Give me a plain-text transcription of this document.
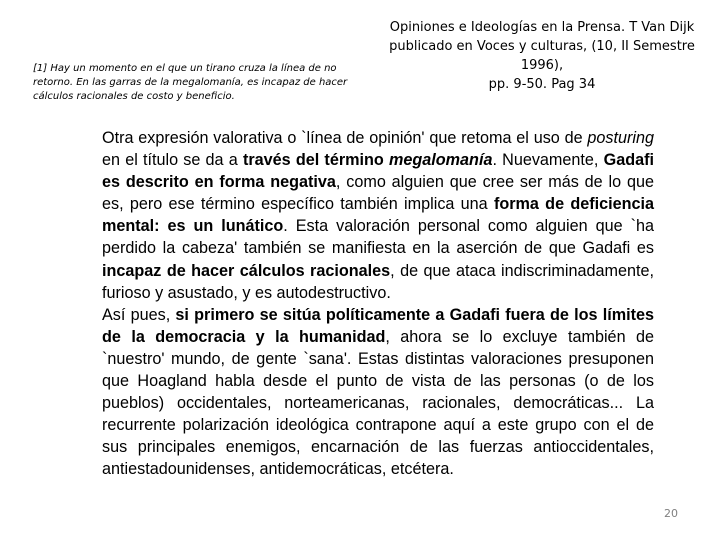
Opiniones e Ideologías en la Prensa. T Van Dijk
publicado en Voces y culturas, (10, II Semestre 1996),
pp. 9-50. Pag 34
[1] Hay un momento en el que un tirano cruza la línea de no retorno. En las garras de la megalomanía, es incapaz de hacer cálculos racionales de costo y beneficio.

Otra expresión valorativa o `línea de opinión' que retoma el uso de posturing en el título se da a través del término megalomanía. Nuevamente, Gadafi es descrito en forma negativa, como alguien que cree ser más de lo que es, pero ese término específico también implica una forma de deficiencia mental: es un lunático. Esta valoración personal como alguien que `ha perdido la cabeza' también se manifiesta en la aserción de que Gadafi es incapaz de hacer cálculos racionales, de que ataca indiscriminadamente, furioso y asustado, y es autodestructivo.

Así pues, si primero se sitúa políticamente a Gadafi fuera de los límites de la democracia y la humanidad, ahora se lo excluye también de `nuestro' mundo, de gente `sana'. Estas distintas valoraciones presuponen que Hoagland habla desde el punto de vista de las personas (o de los pueblos) occidentales, norteamericanas, racionales, democráticas... La recurrente polarización ideológica contrapone aquí a este grupo con el de sus principales enemigos, encarnación de las fuerzas antioccidentales, antiestadounidenses, antidemocráticas, etcétera.

20
